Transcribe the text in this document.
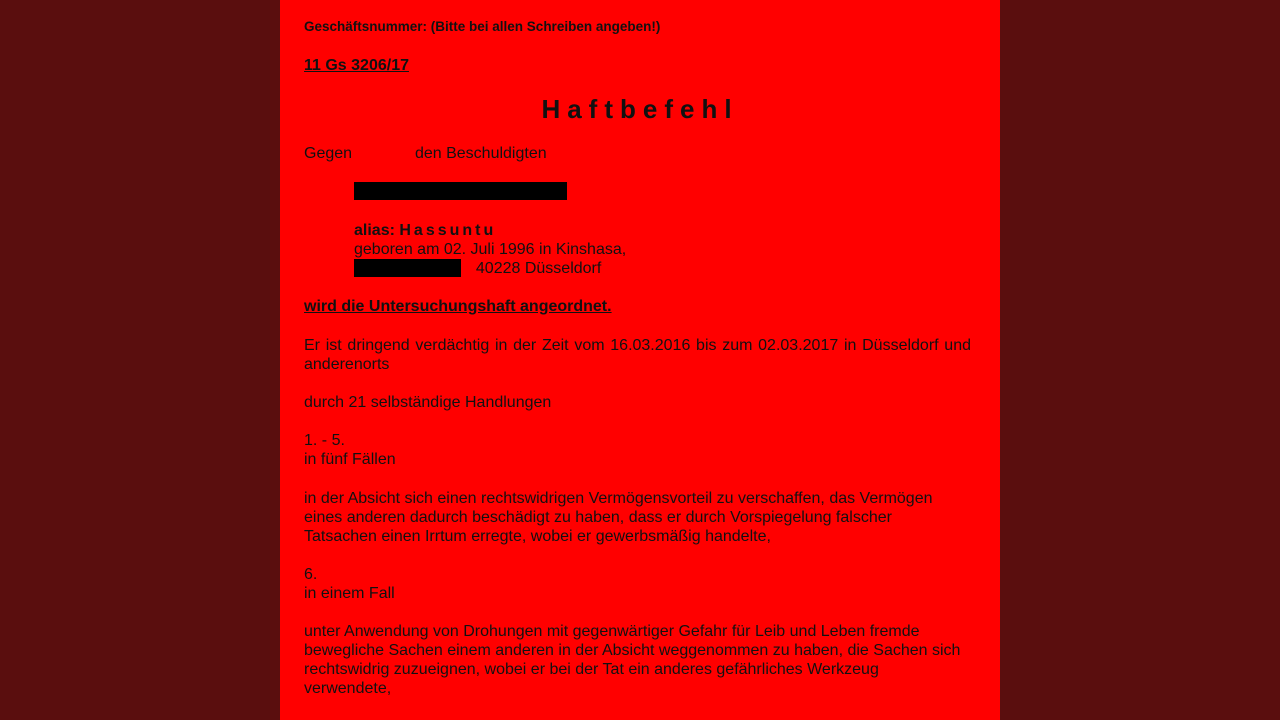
Geschäftsnummer: (Bitte bei allen Schreiben angeben!)
11 Gs 3206/17
Haftbefehl
Gegen	den Beschuldigten
alias: Hassuntu
geboren am 02. Juli 1996 in Kinshasa,
40228 Düsseldorf
wird die Untersuchungshaft angeordnet.
Er ist dringend verdächtig in der Zeit vom 16.03.2016 bis zum 02.03.2017 in Düsseldorf und anderenorts
durch 21 selbständige Handlungen
1. - 5.
in fünf Fällen
in der Absicht sich einen rechtswidrigen Vermögensvorteil zu verschaffen, das Vermögen eines anderen dadurch beschädigt zu haben, dass er durch Vorspiegelung falscher Tatsachen einen Irrtum erregte, wobei er gewerbsmäßig handelte,
6.
in einem Fall
unter Anwendung von Drohungen mit gegenwärtiger Gefahr für Leib und Leben fremde bewegliche Sachen einem anderen in der Absicht weggenommen zu haben, die Sachen sich rechtswidrig zuzueignen, wobei er bei der Tat ein anderes gefährliches Werkzeug verwendete,
